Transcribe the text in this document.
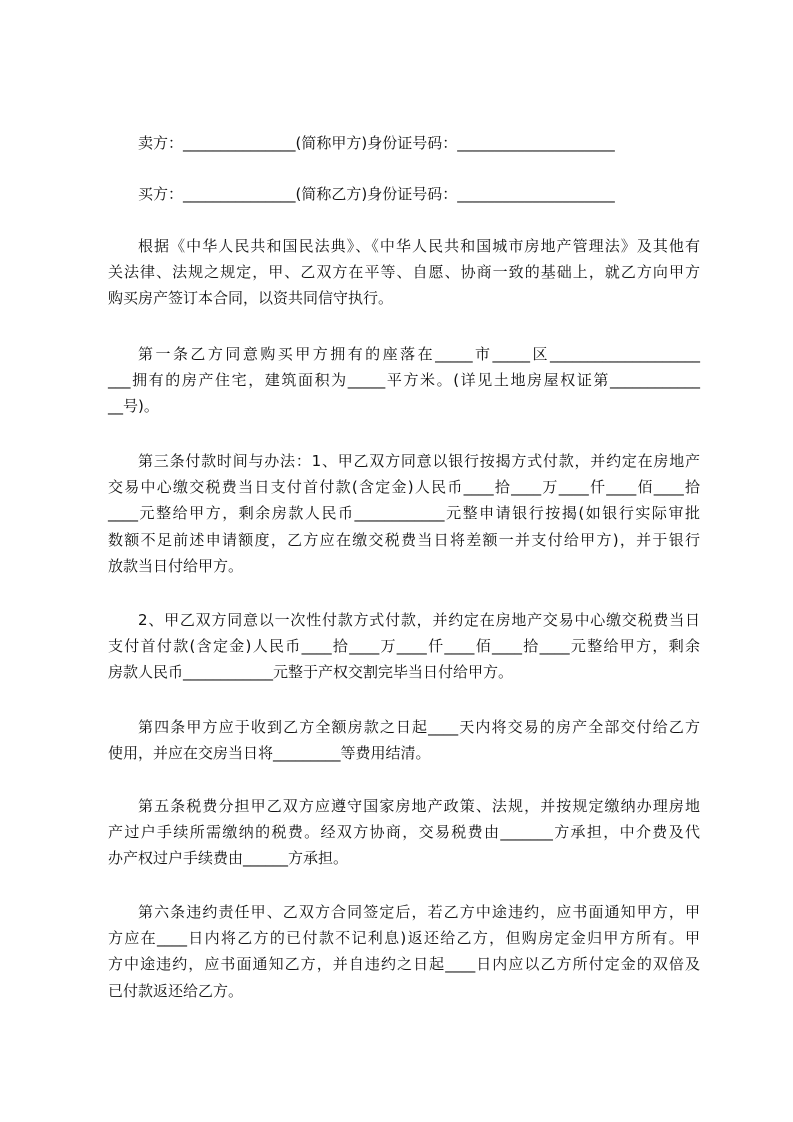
卖方：_______________(简称甲方)身份证号码：_____________________
买方：_______________(简称乙方)身份证号码：_____________________
根据《中华人民共和国民法典》、《中华人民共和国城市房地产管理法》及其他有
关法律、法规之规定，甲、乙双方在平等、自愿、协商一致的基础上，就乙方向甲方
购买房产签订本合同，以资共同信守执行。
第一条乙方同意购买甲方拥有的座落在_____市_____区____________________
___拥有的房产住宅，建筑面积为_____平方米。(详见土地房屋权证第____________
__号)。
第三条付款时间与办法：1、甲乙双方同意以银行按揭方式付款，并约定在房地产
交易中心缴交税费当日支付首付款(含定金)人民币____拾____万____仟____佰____拾
____元整给甲方，剩余房款人民币____________元整申请银行按揭(如银行实际审批
数额不足前述申请额度，乙方应在缴交税费当日将差额一并支付给甲方)，并于银行
放款当日付给甲方。
2、甲乙双方同意以一次性付款方式付款，并约定在房地产交易中心缴交税费当日
支付首付款(含定金)人民币____拾____万____仟____佰____拾____元整给甲方，剩余
房款人民币____________元整于产权交割完毕当日付给甲方。
第四条甲方应于收到乙方全额房款之日起____天内将交易的房产全部交付给乙方
使用，并应在交房当日将_________等费用结清。
第五条税费分担甲乙双方应遵守国家房地产政策、法规，并按规定缴纳办理房地
产过户手续所需缴纳的税费。经双方协商，交易税费由_______方承担，中介费及代
办产权过户手续费由______方承担。
第六条违约责任甲、乙双方合同签定后，若乙方中途违约，应书面通知甲方，甲
方应在____日内将乙方的已付款不记利息)返还给乙方，但购房定金归甲方所有。甲
方中途违约，应书面通知乙方，并自违约之日起____日内应以乙方所付定金的双倍及
已付款返还给乙方。
